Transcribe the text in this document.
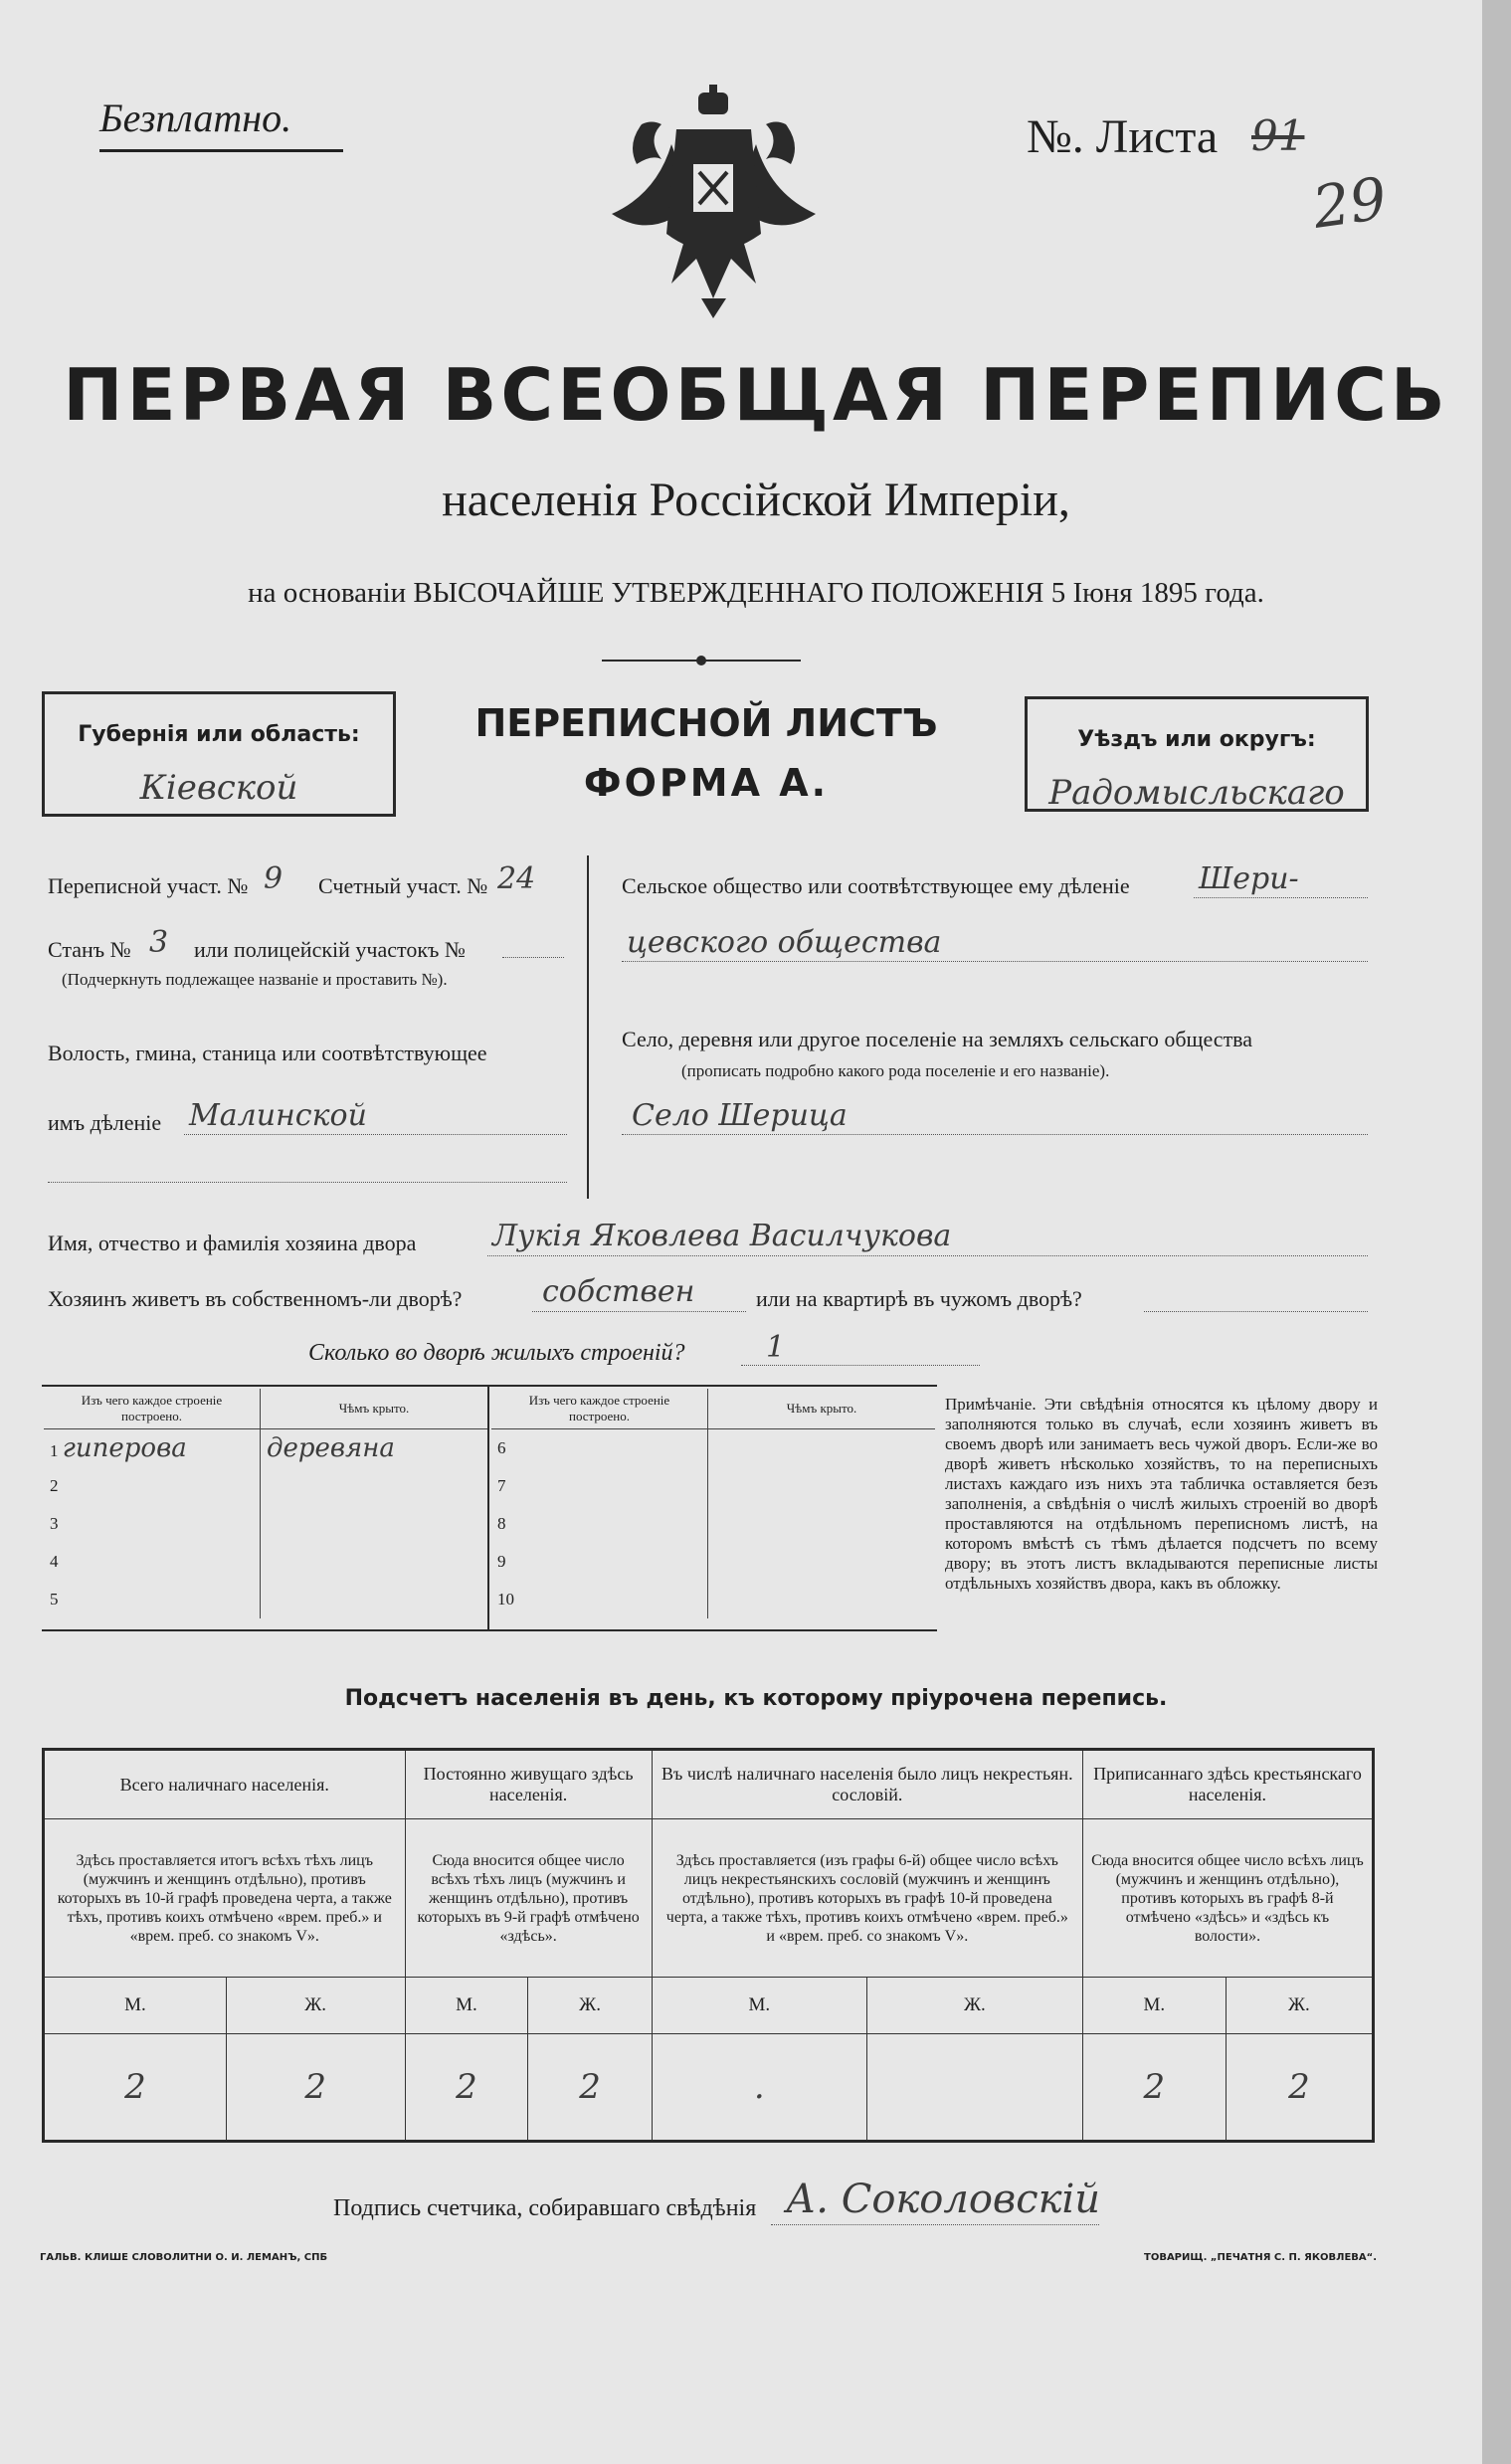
Безплатно.	№. Листа 91
29
ПЕРВАЯ ВСЕОБЩАЯ ПЕРЕПИСЬ
населенія Россійской Имперіи,
на основаніи ВЫСОЧАЙШЕ УТВЕРЖДЕННАГО ПОЛОЖЕНІЯ 5 Іюня 1895 года.
Губернія или область:
Кіевской
ПЕРЕПИСНОЙ ЛИСТЪ
ФОРМА А.
Уѣздъ или округъ:
Радомысльскаго
Переписной участ. № 9 Счетный участ. № 24
Станъ № 3 или полицейскій участокъ №
(Подчеркнуть подлежащее названіе и проставить №).
Волость, гмина, станица или соотвѣтствующее
имъ дѣленіе Малинской
Сельское общество или соотвѣтствующее ему дѣленіе Шери-
цевского общества
Село, деревня или другое поселеніе на земляхъ сельскаго общества
(прописать подробно какого рода поселеніе и его названіе).
Село Шерица
Имя, отчество и фамилія хозяина двора	Лукія Яковлева Василчукова
Хозяинъ живетъ въ собственномъ-ли дворѣ?	собствен	или на квартирѣ въ чужомъ дворѣ?
Сколько во дворѣ жилыхъ строеній?	1
Изъ чего каждое строеніе построено.	Чѣмъ крыто.
1 гиперова	деревяна
2	
3	
4	
5	
Изъ чего каждое строеніе построено.	Чѣмъ крыто.
6	
7	
8	
9	
10	
Примѣчаніе. Эти свѣдѣнія относятся къ цѣлому двору и заполняются только въ случаѣ, если хозяинъ живетъ въ своемъ дворѣ или занимаетъ весь чужой дворъ. Если-же во дворѣ живетъ нѣсколько хозяйствъ, то на переписныхъ листахъ каждаго изъ нихъ эта табличка оставляется безъ заполненія, а свѣдѣнія о числѣ жилыхъ строеній во дворѣ проставляются на отдѣльномъ переписномъ листѣ, на которомъ вмѣстѣ съ тѣмъ дѣлается подсчетъ по всему двору; въ этотъ листъ вкладываются переписные листы отдѣльныхъ хозяйствъ двора, какъ въ обложку.
Подсчетъ населенія въ день, къ которому пріурочена перепись.
Всего наличнаго населенія.		Постоянно живущаго здѣсь населенія.		Въ числѣ наличнаго населенія было лицъ некрестьян. сословій.		Приписаннаго здѣсь крестьянскаго населенія.	
Здѣсь проставляется итогъ всѣхъ тѣхъ лицъ (мужчинъ и женщинъ отдѣльно), противъ которыхъ въ 10-й графѣ проведена черта, а также тѣхъ, противъ коихъ отмѣчено «врем. преб.» и «врем. преб. со знакомъ V».		Сюда вносится общее число всѣхъ тѣхъ лицъ (мужчинъ и женщинъ отдѣльно), противъ которыхъ въ 9-й графѣ отмѣчено «здѣсь».		Здѣсь проставляется (изъ графы 6-й) общее число всѣхъ лицъ некрестьянскихъ сословій (мужчинъ и женщинъ отдѣльно), противъ которыхъ въ графѣ 10-й проведена черта, а также тѣхъ, противъ коихъ отмѣчено «врем. преб.» и «врем. преб. со знакомъ V».		Сюда вносится общее число всѣхъ лицъ (мужчинъ и женщинъ отдѣльно), противъ которыхъ въ графѣ 8-й отмѣчено «здѣсь» и «здѣсь къ волости».	
М.	Ж.	М.	Ж.	М.	Ж.	М.	Ж.
2	2	2	2	.		2	2
Подпись счетчика, собиравшаго свѣдѣнія А. Соколовскій
ГАЛЬВ. КЛИШЕ СЛОВОЛИТНИ О. И. ЛЕМАНЪ, СПБ	ТОВАРИЩ. „ПЕЧАТНЯ С. П. ЯКОВЛЕВА“.
